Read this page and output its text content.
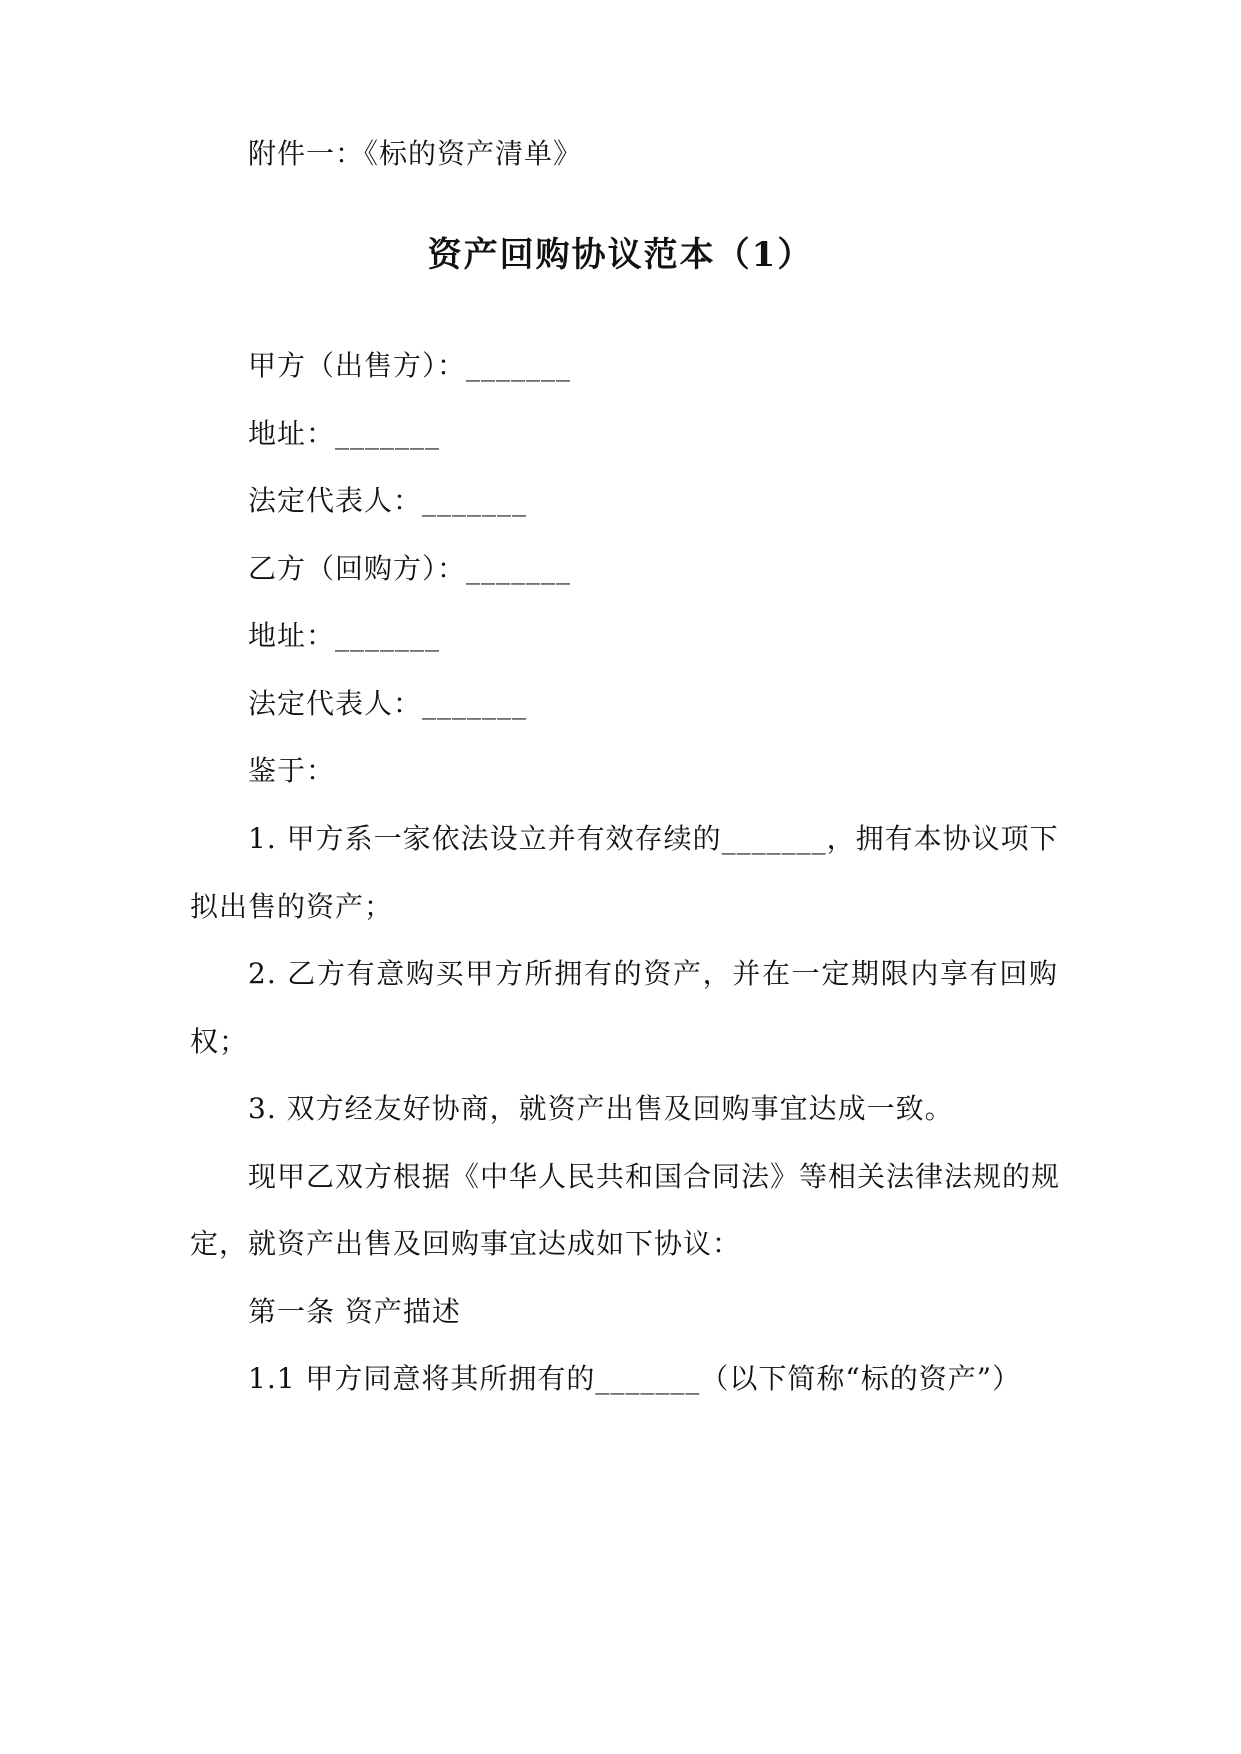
附件一：《标的资产清单》
资产回购协议范本（1）
甲方（出售方）：_______
地址：_______
法定代表人：_______
乙方（回购方）：_______
地址：_______
法定代表人：_______
鉴于：
1. 甲方系一家依法设立并有效存续的_______，拥有本协议项下
拟出售的资产；
2. 乙方有意购买甲方所拥有的资产，并在一定期限内享有回购
权；
3. 双方经友好协商，就资产出售及回购事宜达成一致。
现甲乙双方根据《中华人民共和国合同法》等相关法律法规的规
定，就资产出售及回购事宜达成如下协议：
第一条 资产描述
1.1 甲方同意将其所拥有的_______（以下简称“标的资产”）
